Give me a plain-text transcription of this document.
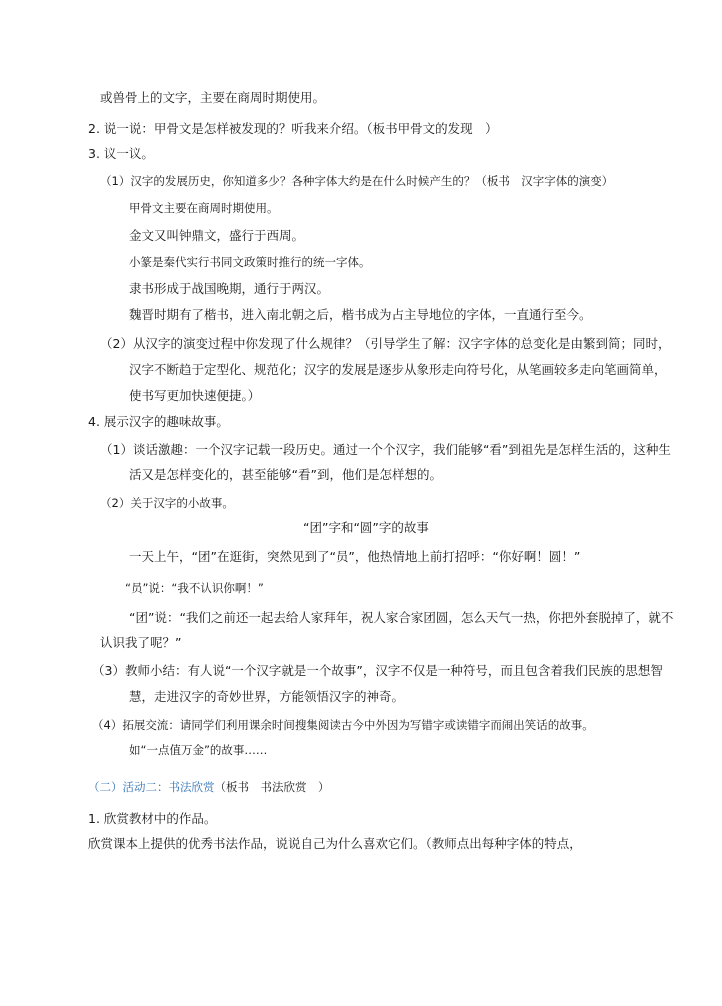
或兽骨上的文字，主要在商周时期使用。
2. 说一说：甲骨文是怎样被发现的？听我来介绍。（板书甲骨文的发现　）
3. 议一议。
（1）汉字的发展历史，你知道多少？各种字体大约是在什么时候产生的？（板书　汉字字体的演变）
甲骨文主要在商周时期使用。
金文又叫钟鼎文，盛行于西周。
小篆是秦代实行书同文政策时推行的统一字体。
隶书形成于战国晚期，通行于两汉。
魏晋时期有了楷书，进入南北朝之后，楷书成为占主导地位的字体，一直通行至今。
（2）从汉字的演变过程中你发现了什么规律？（引导学生了解：汉字字体的总变化是由繁到简；同时，
汉字不断趋于定型化、规范化；汉字的发展是逐步从象形走向符号化，从笔画较多走向笔画简单，
使书写更加快速便捷。）
4. 展示汉字的趣味故事。
（1）谈话激趣：一个汉字记载一段历史。通过一个个汉字，我们能够“看”到祖先是怎样生活的，这种生
活又是怎样变化的，甚至能够“看”到，他们是怎样想的。
（2）关于汉字的小故事。
“团”字和“圆”字的故事
一天上午，“团”在逛街，突然见到了“员”，他热情地上前打招呼：“你好啊！圆！”
“员”说：“我不认识你啊！”
“团”说：“我们之前还一起去给人家拜年，祝人家合家团圆，怎么天气一热，你把外套脱掉了，就不
认识我了呢？”
（3）教师小结：有人说“一个汉字就是一个故事”，汉字不仅是一种符号，而且包含着我们民族的思想智
慧，走进汉字的奇妙世界，方能领悟汉字的神奇。
（4）拓展交流：请同学们利用课余时间搜集阅读古今中外因为写错字或读错字而闹出笑话的故事。
如“一点值万金”的故事……
（二）活动二：书法欣赏（板书　书法欣赏　）
1. 欣赏教材中的作品。
欣赏课本上提供的优秀书法作品，说说自己为什么喜欢它们。（教师点出每种字体的特点，
